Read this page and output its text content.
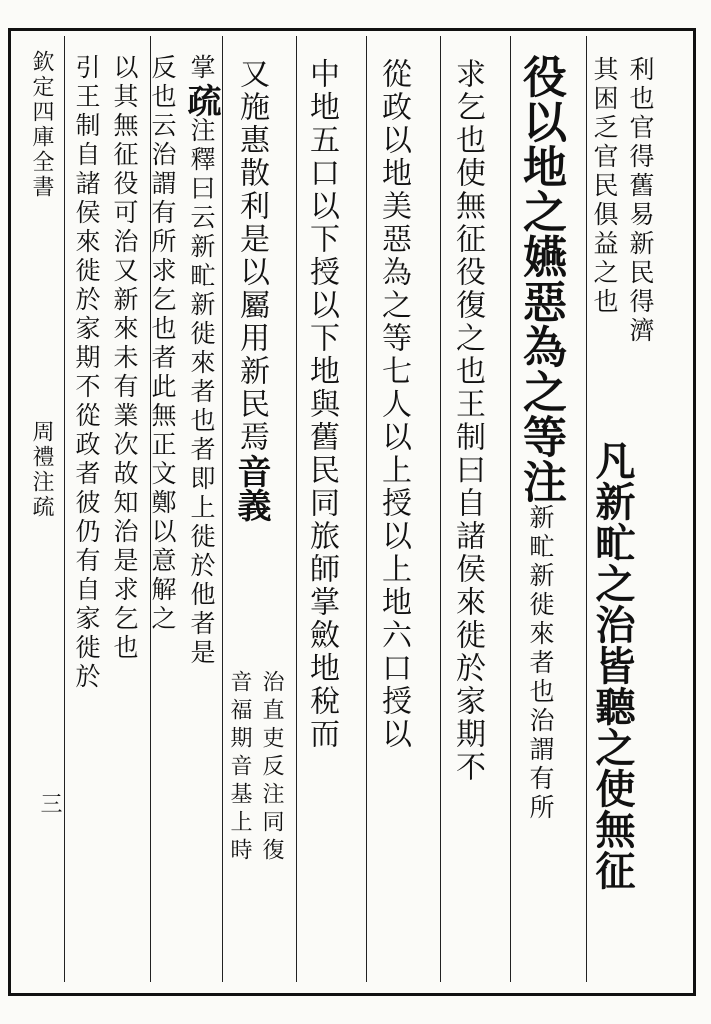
欽定四庫全書
周禮注疏
三
利也官得舊易新民得濟
其困乏官民俱益之也
凡新甿之治皆聽之使無征
役以地之嬿惡為之等注新甿新徙來者也治謂有所
求乞也使無征役復之也王制曰自諸侯來徙於家期不
從政以地美惡為之等七人以上授以上地六口授以
中地五口以下授以下地與舊民同旅師掌斂地稅而
又施惠散利是以屬用新民焉音義
治直吏反注同復
音福期音基上時
掌疏注釋曰云新甿新徙來者也者即上徙於他者是
反也云治謂有所求乞也者此無正文鄭以意解之
以其無征役可治又新來未有業次故知治是求乞也
引王制自諸侯來徙於家期不從政者彼仍有自家徙於
